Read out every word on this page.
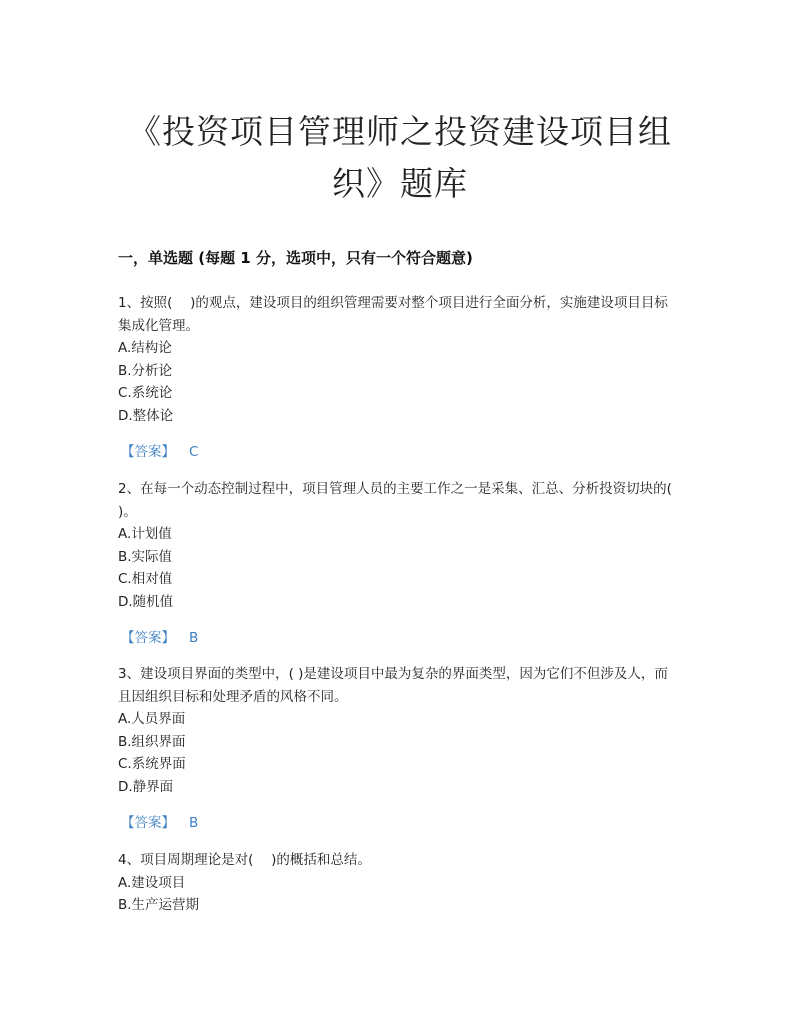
《投资项目管理师之投资建设项目组
织》题库
一，单选题 (每题 1 分，选项中，只有一个符合题意)

1、按照(　 )的观点，建设项目的组织管理需要对整个项目进行全面分析，实施建设项目目标集成化管理。

A.结构论

B.分析论

C.系统论

D.整体论

【答案】 C

2、在每一个动态控制过程中，项目管理人员的主要工作之一是采集、汇总、分析投资切块的( )。

A.计划值

B.实际值

C.相对值

D.随机值

【答案】 B

3、建设项目界面的类型中，( )是建设项目中最为复杂的界面类型，因为它们不但涉及人，而且因组织目标和处理矛盾的风格不同。

A.人员界面

B.组织界面

C.系统界面

D.静界面

【答案】 B

4、项目周期理论是对(　 )的概括和总结。

A.建设项目

B.生产运营期
